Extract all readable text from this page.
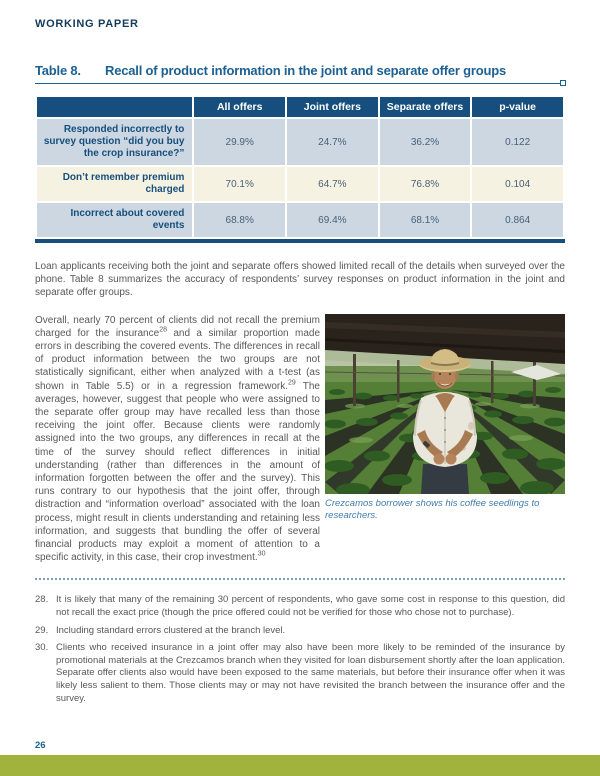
WORKING PAPER
Table 8.	Recall of product information in the joint and separate offer groups
	All offers	Joint offers	Separate offers	p-value
Responded incorrectly to survey question “did you buy the crop insurance?”	29.9%	24.7%	36.2%	0.122
Don’t remember premium charged	70.1%	64.7%	76.8%	0.104
Incorrect about covered events	68.8%	69.4%	68.1%	0.864

Loan applicants receiving both the joint and separate offers showed limited recall of the details when surveyed over the phone. Table 8 summarizes the accuracy of respondents’ survey responses on product information in the joint and separate offer groups.

Overall, nearly 70 percent of clients did not recall the premium charged for the insurance$^{28}$ and a similar proportion made errors in describing the covered events. The differences in recall of product information between the two groups are not statistically significant, either when analyzed with a t-test (as shown in Table 5.5) or in a regression framework.$^{29}$ The averages, however, suggest that people who were assigned to the separate offer group may have recalled less than those receiving the joint offer. Because clients were randomly assigned into the two groups, any differences in recall at the time of the survey should reflect differences in initial understanding (rather than differences in the amount of information forgotten between the offer and the survey). This runs contrary to our hypothesis that the joint offer, through distraction and “information overload” associated with the loan process, might result in clients understanding and retaining less information, and suggests that bundling the offer of several financial products may exploit a moment of attention to a specific activity, in this case, their crop investment.$^{30}$

Crezcamos borrower shows his coffee seedlings to researchers.
28. It is likely that many of the remaining 30 percent of respondents, who gave some cost in response to this question, did not recall the exact price (though the price offered could not be verified for those who chose not to purchase).
29. Including standard errors clustered at the branch level.
30. Clients who received insurance in a joint offer may also have been more likely to be reminded of the insurance by promotional materials at the Crezcamos branch when they visited for loan disbursement shortly after the loan application. Separate offer clients also would have been exposed to the same materials, but before their insurance offer when it was likely less salient to them. Those clients may or may not have revisited the branch between the insurance offer and the survey.
26
